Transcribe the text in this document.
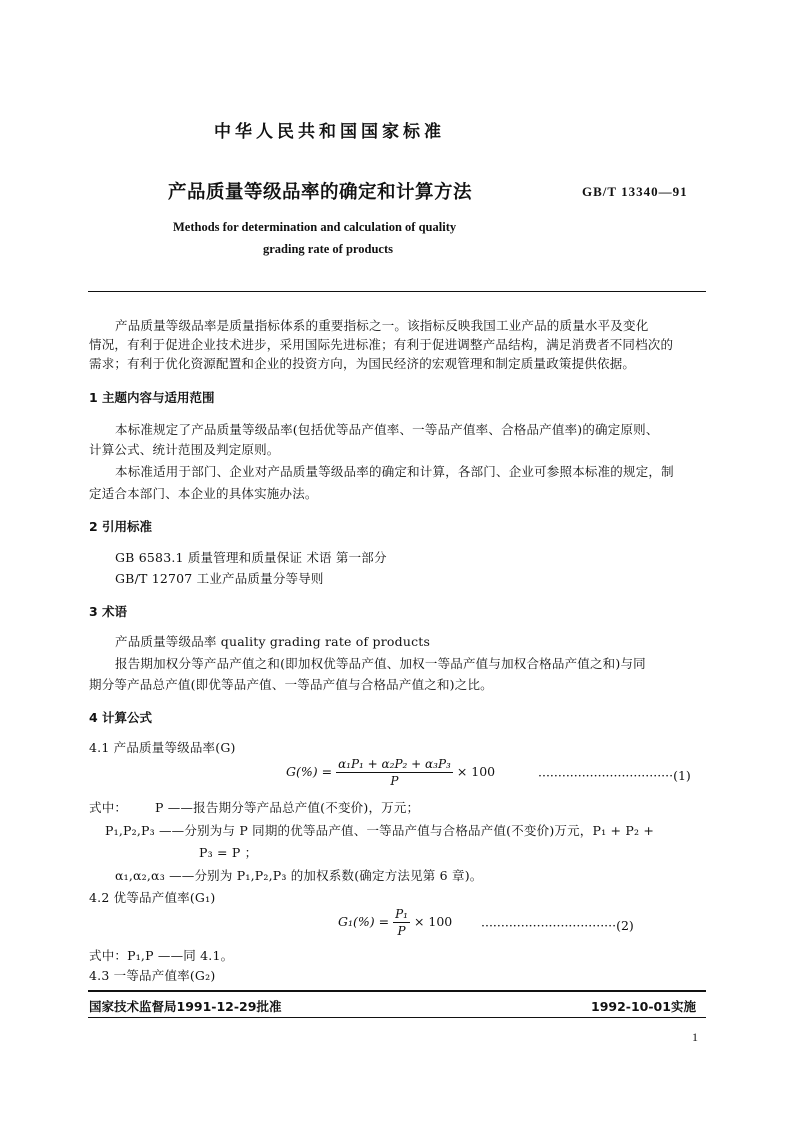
中华人民共和国国家标准
产品质量等级品率的确定和计算方法	GB/T 13340—91
Methods for determination and calculation of quality
grading rate of products
产品质量等级品率是质量指标体系的重要指标之一。该指标反映我国工业产品的质量水平及变化
情况，有利于促进企业技术进步，采用国际先进标准；有利于促进调整产品结构，满足消费者不同档次的
需求；有利于优化资源配置和企业的投资方向，为国民经济的宏观管理和制定质量政策提供依据。
1 主题内容与适用范围
本标准规定了产品质量等级品率(包括优等品产值率、一等品产值率、合格品产值率)的确定原则、
计算公式、统计范围及判定原则。
本标准适用于部门、企业对产品质量等级品率的确定和计算，各部门、企业可参照本标准的规定，制
定适合本部门、本企业的具体实施办法。
2 引用标准
GB 6583.1 质量管理和质量保证 术语 第一部分
GB/T 12707 工业产品质量分等导则
3 术语
产品质量等级品率 quality grading rate of products
报告期加权分等产品产值之和(即加权优等品产值、加权一等品产值与加权合格品产值之和)与同
期分等产品总产值(即优等品产值、一等品产值与合格品产值之和)之比。
4 计算公式
4.1 产品质量等级品率(G)
$G(\%) = \frac{\text{α₁P₁ + α₂P₂ + α₃P₃}}{P} \times 100$	··································(1)
式中： P ——报告期分等产品总产值(不变价)，万元；
P₁,P₂,P₃ ——分别为与 P 同期的优等品产值、一等品产值与合格品产值(不变价)万元，P₁ + P₂ +
P₃ = P ；
α₁,α₂,α₃ ——分别为 P₁,P₂,P₃ 的加权系数(确定方法见第 6 章)。
4.2 优等品产值率(G₁)
$G_1(\%) = \frac{\text{P₁}}{P} \times 100 \cdot\cdot\cdot\cdot\cdot\cdot\cdot\cdot\cdot\cdot\cdot\cdot\cdot\cdot\cdot\cdot\cdot\cdot\cdot\cdot\cdot\cdot\cdot\cdot\cdot\cdot\cdot\cdot\cdot\cdot\cdot\cdot\cdot\cdot(2)$
式中：P₁,P ——同 4.1。
4.3 一等品产值率(G₂)
国家技术监督局1991-12-29批准	1992-10-01实施
1
